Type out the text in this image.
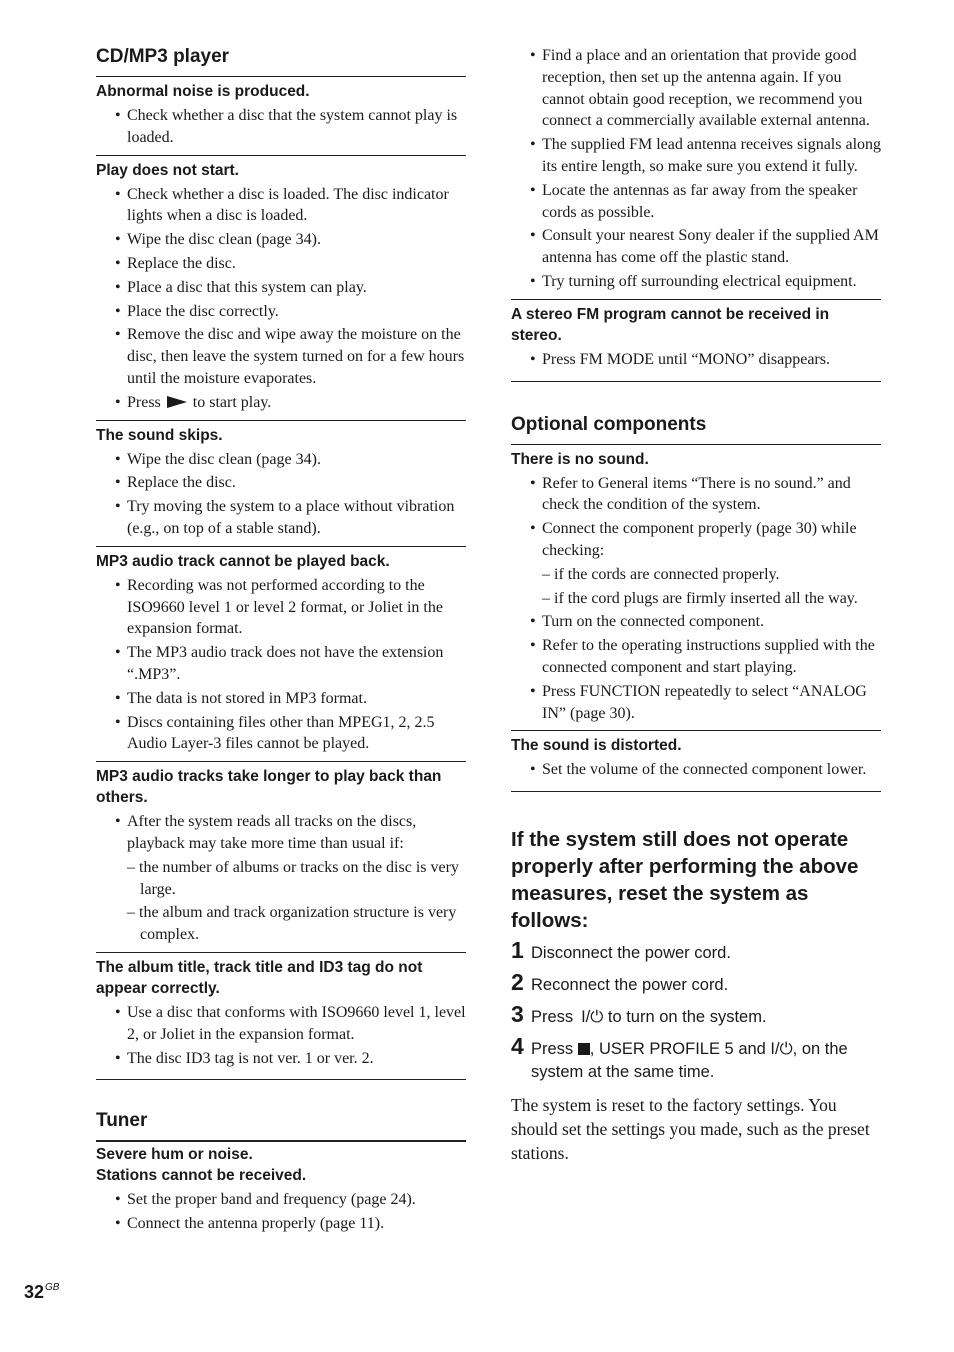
CD/MP3 player
Abnormal noise is produced.
• Check whether a disc that the system cannot play is loaded.
Play does not start.
• Check whether a disc is loaded. The disc indicator lights when a disc is loaded.
• Wipe the disc clean (page 34).
• Replace the disc.
• Place a disc that this system can play.
• Place the disc correctly.
• Remove the disc and wipe away the moisture on the disc, then leave the system turned on for a few hours until the moisture evaporates.
• Press to start play.
The sound skips.
• Wipe the disc clean (page 34).
• Replace the disc.
• Try moving the system to a place without vibration (e.g., on top of a stable stand).
MP3 audio track cannot be played back.
• Recording was not performed according to the ISO9660 level 1 or level 2 format, or Joliet in the expansion format.
• The MP3 audio track does not have the extension “.MP3”.
• The data is not stored in MP3 format.
• Discs containing files other than MPEG1, 2, 2.5 Audio Layer-3 files cannot be played.
MP3 audio tracks take longer to play back than others.
• After the system reads all tracks on the discs, playback may take more time than usual if:
– the number of albums or tracks on the disc is very large.
– the album and track organization structure is very complex.
The album title, track title and ID3 tag do not appear correctly.
• Use a disc that conforms with ISO9660 level 1, level 2, or Joliet in the expansion format.
• The disc ID3 tag is not ver. 1 or ver. 2.
Tuner
Severe hum or noise.
Stations cannot be received.
• Set the proper band and frequency (page 24).
• Connect the antenna properly (page 11).
• Find a place and an orientation that provide good reception, then set up the antenna again. If you cannot obtain good reception, we recommend you connect a commercially available external antenna.
• The supplied FM lead antenna receives signals along its entire length, so make sure you extend it fully.
• Locate the antennas as far away from the speaker cords as possible.
• Consult your nearest Sony dealer if the supplied AM antenna has come off the plastic stand.
• Try turning off surrounding electrical equipment.
A stereo FM program cannot be received in stereo.
• Press FM MODE until “MONO” disappears.
Optional components
There is no sound.
• Refer to General items “There is no sound.” and check the condition of the system.
• Connect the component properly (page 30) while checking:
– if the cords are connected properly.
– if the cord plugs are firmly inserted all the way.
• Turn on the connected component.
• Refer to the operating instructions supplied with the connected component and start playing.
• Press FUNCTION repeatedly to select “ANALOG IN” (page 30).
The sound is distorted.
• Set the volume of the connected component lower.
If the system still does not operate properly after performing the above measures, reset the system as follows:
1 Disconnect the power cord.
2 Reconnect the power cord.
3 Press  I/⏻ to turn on the system.
4 Press , USER PROFILE 5 and I/⏻, on the system at the same time.
The system is reset to the factory settings. You should set the settings you made, such as the preset stations.
$32^{GB}$
